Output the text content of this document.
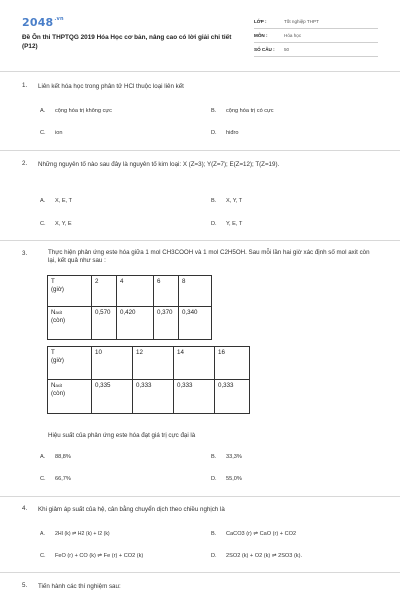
$2048^{.vn}$
Đề Ôn thi THPTQG 2019 Hóa Học cơ bản, nâng cao có lời giải chi tiết (P12)
LỚP :	Tốt nghiệp THPT
MÔN :	Hóa học
SỐ CÂU : 50
1. Liên kết hóa học trong phân tử HCl thuộc loại liên kết
A. cộng hóa trị không cực	B. cộng hóa trị có cực
C. ion	D. hiđro
2. Những nguyên tố nào sau đây là nguyên tố kim loại: X (Z=3); Y(Z=7); E(Z=12); T(Z=19).
A. X, E, T	B. X, Y, T
C. X, Y, E	D. Y, E, T
3.	Thực hiện phản ứng este hóa giữa 1 mol CH3COOH và 1 mol C2H5OH. Sau mỗi lần hai giờ xác định số mol axit còn lại, kết quả như sau :
T
(giờ)	2	4	6	8
Naxit
(còn)	0,570	0,420	0,370	0,340
T
(giờ)	10	12	14	16
Naxit
(còn)	0,335	0,333	0,333	0,333
Hiệu suất của phản ứng este hóa đạt giá trị cực đại là
A. 88,8%	B. 33,3%
C. 66,7%	D. 55,0%
4. Khi giảm áp suất của hệ, cân bằng chuyển dịch theo chiều nghịch là
A. 2HI (k) ⇌ H2 (k) + I2 (k)	B. CaCO3 (r) ⇌ CaO (r) + CO2
C. FeO (r) + CO (k) ⇌ Fe (r) + CO2 (k)	D. 2SO2 (k) + O2 (k) ⇌ 2SO3 (k).
5. Tiến hành các thí nghiệm sau:
